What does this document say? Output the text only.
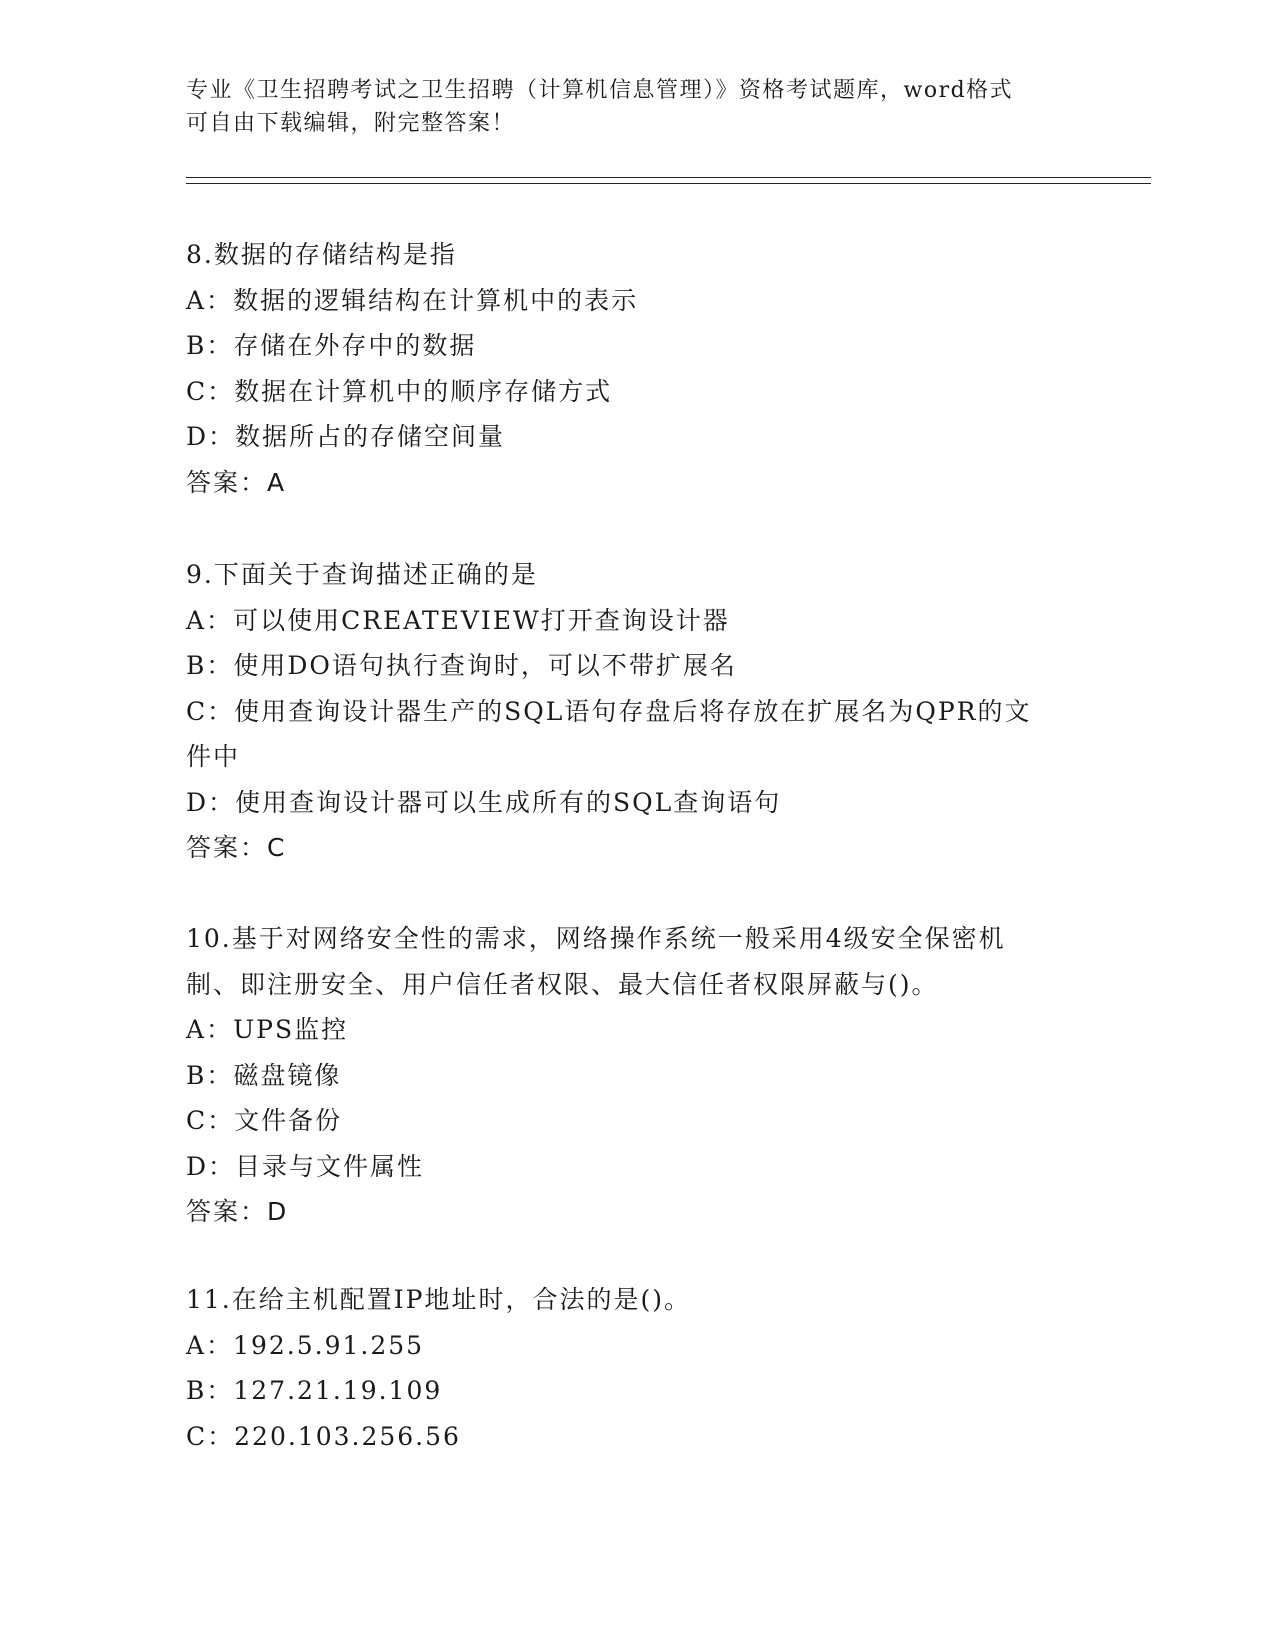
专业《卫生招聘考试之卫生招聘（计算机信息管理）》资格考试题库，word格式
可自由下载编辑，附完整答案！
8.数据的存储结构是指
A： 数据的逻辑结构在计算机中的表示
B： 存储在外存中的数据
C： 数据在计算机中的顺序存储方式
D： 数据所占的存储空间量
答案：A
9.下面关于查询描述正确的是
A： 可以使用CREATEVIEW打开查询设计器
B： 使用DO语句执行查询时，可以不带扩展名
C： 使用查询设计器生产的SQL语句存盘后将存放在扩展名为QPR的文
件中
D： 使用查询设计器可以生成所有的SQL查询语句
答案：C
10.基于对网络安全性的需求，网络操作系统一般采用4级安全保密机
制、即注册安全、用户信任者权限、最大信任者权限屏蔽与()。
A： UPS监控
B： 磁盘镜像
C： 文件备份
D： 目录与文件属性
答案：D
11.在给主机配置IP地址时，合法的是()。
A： 192.5.91.255
B： 127.21.19.109
C： 220.103.256.56
